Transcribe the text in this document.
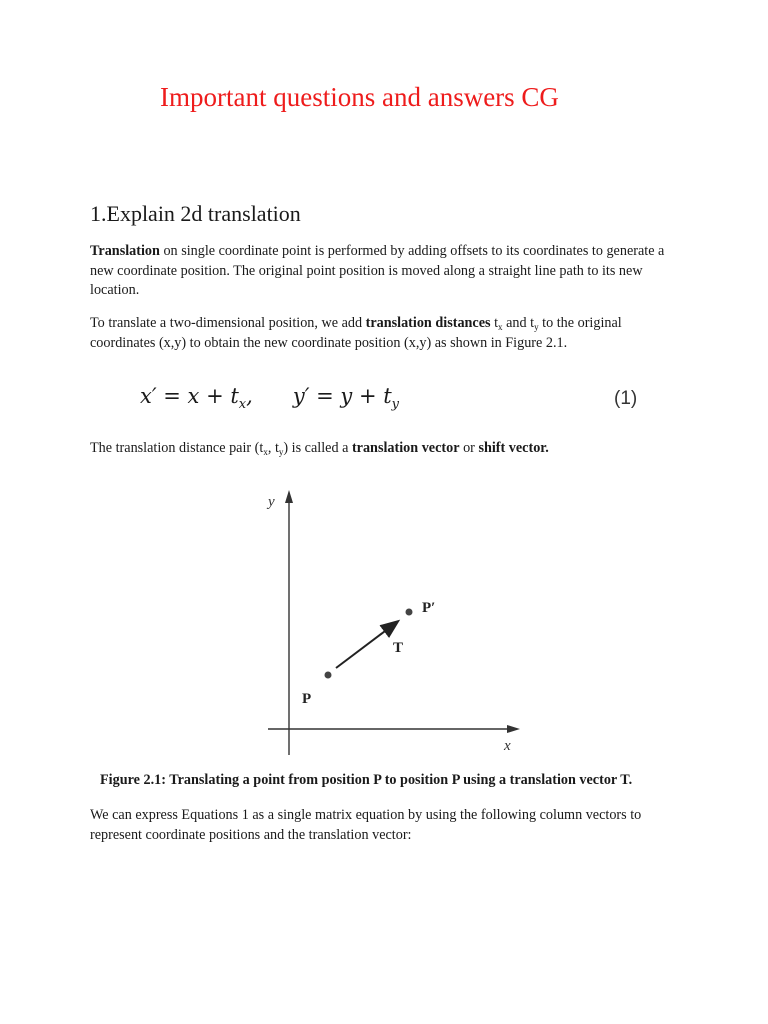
Important questions and answers CG
1.Explain 2d translation

Translation on single coordinate point is performed by adding offsets to its coordinates to generate a new coordinate position. The original point position is moved along a straight line path to its new location.

To translate a two-dimensional position, we add translation distances $t_x$ and $t_y$ to the original coordinates (x,y) to obtain the new coordinate position (x,y) as shown in Figure 2.1.

$x' = x + t_x$, $y' = y + t_y$	(1)

The translation distance pair ($t_x$, $t_y$) is called a translation vector or shift vector.

y
x
P
P′
T

Figure 2.1: Translating a point from position P to position P using a translation vector T.

We can express Equations 1 as a single matrix equation by using the following column vectors to represent coordinate positions and the translation vector:
